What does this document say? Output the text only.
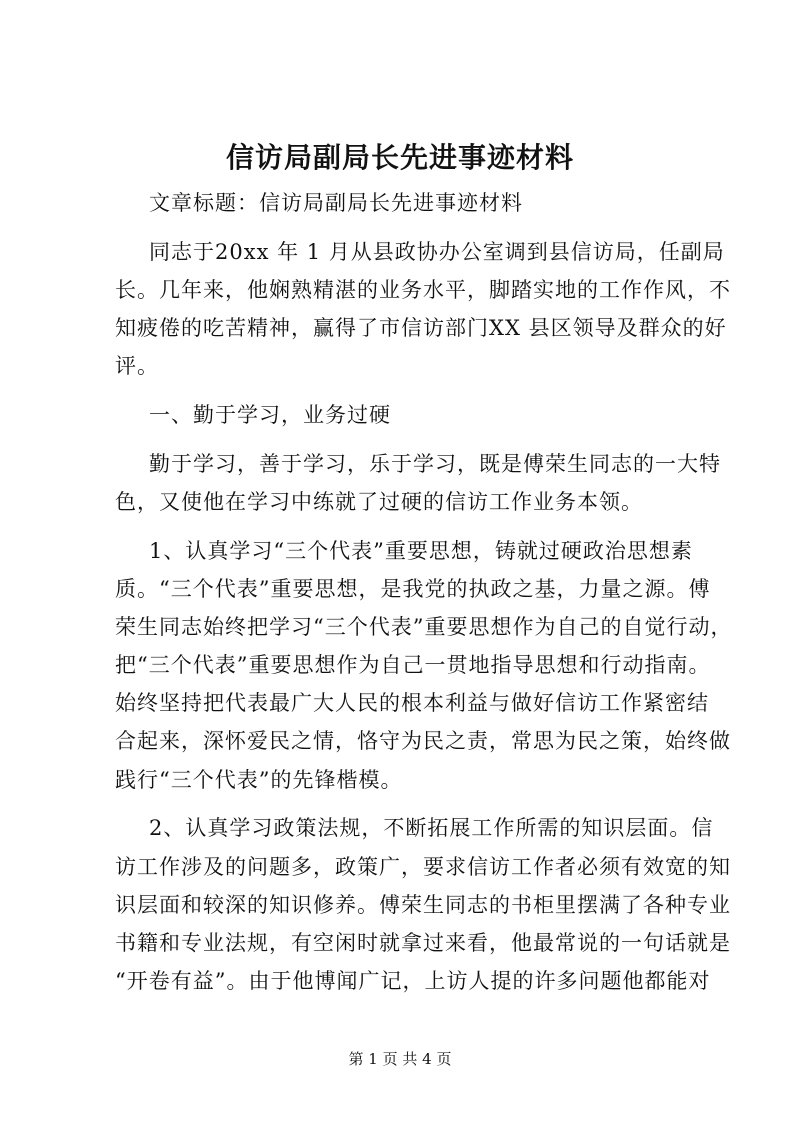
信访局副局长先进事迹材料
文章标题：信访局副局长先进事迹材料
同志于20xx 年 1 月从县政协办公室调到县信访局，任副局
长。几年来，他娴熟精湛的业务水平，脚踏实地的工作作风，不
知疲倦的吃苦精神，赢得了市信访部门XX 县区领导及群众的好
评。
一、勤于学习，业务过硬
勤于学习，善于学习，乐于学习，既是傅荣生同志的一大特
色，又使他在学习中练就了过硬的信访工作业务本领。
1、认真学习“三个代表”重要思想，铸就过硬政治思想素
质。“三个代表”重要思想，是我党的执政之基，力量之源。傅
荣生同志始终把学习“三个代表”重要思想作为自己的自觉行动，
把“三个代表”重要思想作为自己一贯地指导思想和行动指南。
始终坚持把代表最广大人民的根本利益与做好信访工作紧密结
合起来，深怀爱民之情，恪守为民之责，常思为民之策，始终做
践行“三个代表”的先锋楷模。
2、认真学习政策法规，不断拓展工作所需的知识层面。信
访工作涉及的问题多，政策广，要求信访工作者必须有效宽的知
识层面和较深的知识修养。傅荣生同志的书柜里摆满了各种专业
书籍和专业法规，有空闲时就拿过来看，他最常说的一句话就是
“开卷有益”。由于他博闻广记，上访人提的许多问题他都能对
第 1 页 共 4 页
